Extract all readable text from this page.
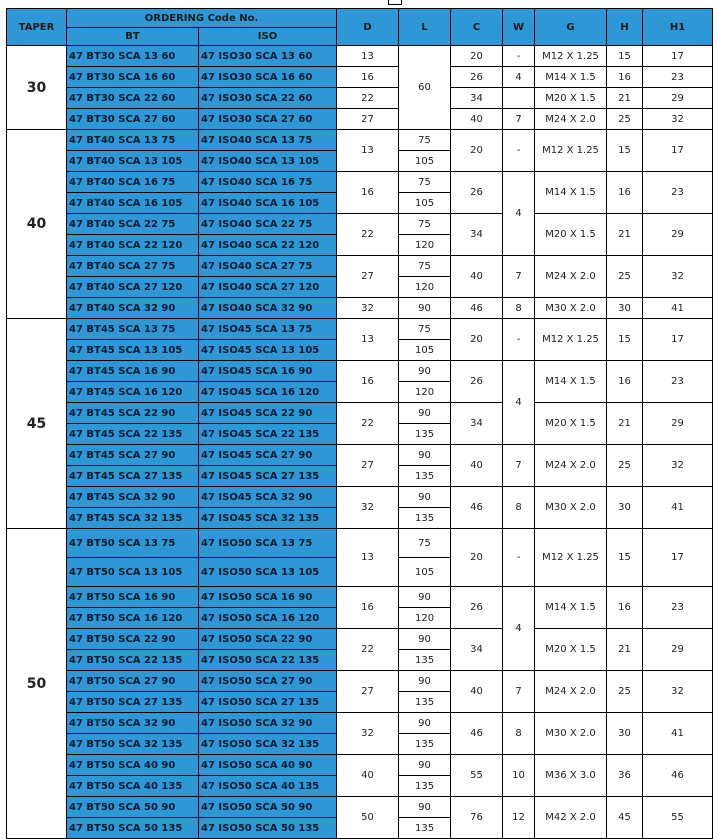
TAPER	ORDERING Code No.		D	L	C	W	G	H	H1
	BT	ISO							
30	47 BT30 SCA 13 60	47 ISO30 SCA 13 60	13	60	20	-	M12 X 1.25	15	17
	47 BT30 SCA 16 60	47 ISO30 SCA 16 60	16		26	4	M14 X 1.5	16	23
	47 BT30 SCA 22 60	47 ISO30 SCA 22 60	22		34		M20 X 1.5	21	29
	47 BT30 SCA 27 60	47 ISO30 SCA 27 60	27		40	7	M24 X 2.0	25	32
40	47 BT40 SCA 13 75	47 ISO40 SCA 13 75	13	75	20	-	M12 X 1.25	15	17
	47 BT40 SCA 13 105	47 ISO40 SCA 13 105		105					
	47 BT40 SCA 16 75	47 ISO40 SCA 16 75	16	75	26	4	M14 X 1.5	16	23
	47 BT40 SCA 16 105	47 ISO40 SCA 16 105		105					
	47 BT40 SCA 22 75	47 ISO40 SCA 22 75	22	75	34		M20 X 1.5	21	29
	47 BT40 SCA 22 120	47 ISO40 SCA 22 120		120					
	47 BT40 SCA 27 75	47 ISO40 SCA 27 75	27	75	40	7	M24 X 2.0	25	32
	47 BT40 SCA 27 120	47 ISO40 SCA 27 120		120					
	47 BT40 SCA 32 90	47 ISO40 SCA 32 90	32	90	46	8	M30 X 2.0	30	41
45	47 BT45 SCA 13 75	47 ISO45 SCA 13 75	13	75	20	-	M12 X 1.25	15	17
	47 BT45 SCA 13 105	47 ISO45 SCA 13 105		105					
	47 BT45 SCA 16 90	47 ISO45 SCA 16 90	16	90	26	4	M14 X 1.5	16	23
	47 BT45 SCA 16 120	47 ISO45 SCA 16 120		120					
	47 BT45 SCA 22 90	47 ISO45 SCA 22 90	22	90	34		M20 X 1.5	21	29
	47 BT45 SCA 22 135	47 ISO45 SCA 22 135		135					
	47 BT45 SCA 27 90	47 ISO45 SCA 27 90	27	90	40	7	M24 X 2.0	25	32
	47 BT45 SCA 27 135	47 ISO45 SCA 27 135		135					
	47 BT45 SCA 32 90	47 ISO45 SCA 32 90	32	90	46	8	M30 X 2.0	30	41
	47 BT45 SCA 32 135	47 ISO45 SCA 32 135		135					
50	47 BT50 SCA 13 75	47 ISO50 SCA 13 75	13	75	20	-	M12 X 1.25	15	17
	47 BT50 SCA 13 105	47 ISO50 SCA 13 105		105					
	47 BT50 SCA 16 90	47 ISO50 SCA 16 90	16	90	26	4	M14 X 1.5	16	23
	47 BT50 SCA 16 120	47 ISO50 SCA 16 120		120					
	47 BT50 SCA 22 90	47 ISO50 SCA 22 90	22	90	34		M20 X 1.5	21	29
	47 BT50 SCA 22 135	47 ISO50 SCA 22 135		135					
	47 BT50 SCA 27 90	47 ISO50 SCA 27 90	27	90	40	7	M24 X 2.0	25	32
	47 BT50 SCA 27 135	47 ISO50 SCA 27 135		135					
	47 BT50 SCA 32 90	47 ISO50 SCA 32 90	32	90	46	8	M30 X 2.0	30	41
	47 BT50 SCA 32 135	47 ISO50 SCA 32 135		135					
	47 BT50 SCA 40 90	47 ISO50 SCA 40 90	40	90	55	10	M36 X 3.0	36	46
	47 BT50 SCA 40 135	47 ISO50 SCA 40 135		135					
	47 BT50 SCA 50 90	47 ISO50 SCA 50 90	50	90	76	12	M42 X 2.0	45	55
	47 BT50 SCA 50 135	47 ISO50 SCA 50 135		135					
